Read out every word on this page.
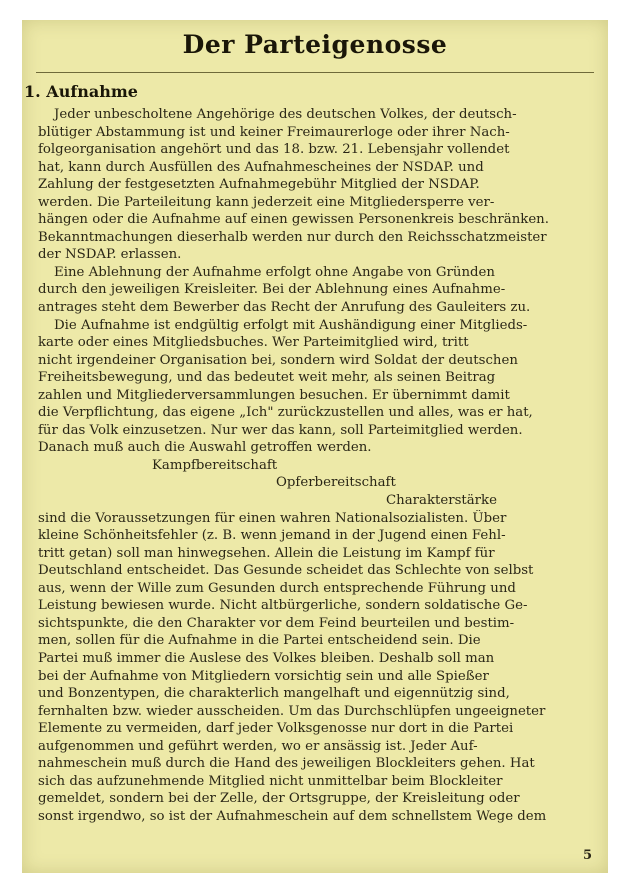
Der Parteigenosse
1. Aufnahme
Jeder unbescholtene Angehörige des deutschen Volkes, der deutsch-
blütiger Abstammung ist und keiner Freimaurerloge oder ihrer Nach-
folgeorganisation angehört und das 18. bzw. 21. Lebensjahr vollendet
hat, kann durch Ausfüllen des Aufnahmescheines der NSDAP. und
Zahlung der festgesetzten Aufnahmegebühr Mitglied der NSDAP.
werden. Die Parteileitung kann jederzeit eine Mitgliedersperre ver-
hängen oder die Aufnahme auf einen gewissen Personenkreis beschränken.
Bekanntmachungen dieserhalb werden nur durch den Reichsschatzmeister
der NSDAP. erlassen.
Eine Ablehnung der Aufnahme erfolgt ohne Angabe von Gründen
durch den jeweiligen Kreisleiter. Bei der Ablehnung eines Aufnahme-
antrages steht dem Bewerber das Recht der Anrufung des Gauleiters zu.
Die Aufnahme ist endgültig erfolgt mit Aushändigung einer Mitglieds-
karte oder eines Mitgliedsbuches. Wer Parteimitglied wird, tritt
nicht irgendeiner Organisation bei, sondern wird Soldat der deutschen
Freiheitsbewegung, und das bedeutet weit mehr, als seinen Beitrag
zahlen und Mitgliederversammlungen besuchen. Er übernimmt damit
die Verpflichtung, das eigene „Ich" zurückzustellen und alles, was er hat,
für das Volk einzusetzen. Nur wer das kann, soll Parteimitglied werden.
Danach muß auch die Auswahl getroffen werden.
Kampfbereitschaft
Opferbereitschaft
Charakterstärke
sind die Voraussetzungen für einen wahren Nationalsozialisten. Über
kleine Schönheitsfehler (z. B. wenn jemand in der Jugend einen Fehl-
tritt getan) soll man hinwegsehen. Allein die Leistung im Kampf für
Deutschland entscheidet. Das Gesunde scheidet das Schlechte von selbst
aus, wenn der Wille zum Gesunden durch entsprechende Führung und
Leistung bewiesen wurde. Nicht altbürgerliche, sondern soldatische Ge-
sichtspunkte, die den Charakter vor dem Feind beurteilen und bestim-
men, sollen für die Aufnahme in die Partei entscheidend sein. Die
Partei muß immer die Auslese des Volkes bleiben. Deshalb soll man
bei der Aufnahme von Mitgliedern vorsichtig sein und alle Spießer
und Bonzentypen, die charakterlich mangelhaft und eigennützig sind,
fernhalten bzw. wieder ausscheiden. Um das Durchschlüpfen ungeeigneter
Elemente zu vermeiden, darf jeder Volksgenosse nur dort in die Partei
aufgenommen und geführt werden, wo er ansässig ist. Jeder Auf-
nahmeschein muß durch die Hand des jeweiligen Blockleiters gehen. Hat
sich das aufzunehmende Mitglied nicht unmittelbar beim Blockleiter
gemeldet, sondern bei der Zelle, der Ortsgruppe, der Kreisleitung oder
sonst irgendwo, so ist der Aufnahmeschein auf dem schnellstem Wege dem
5
